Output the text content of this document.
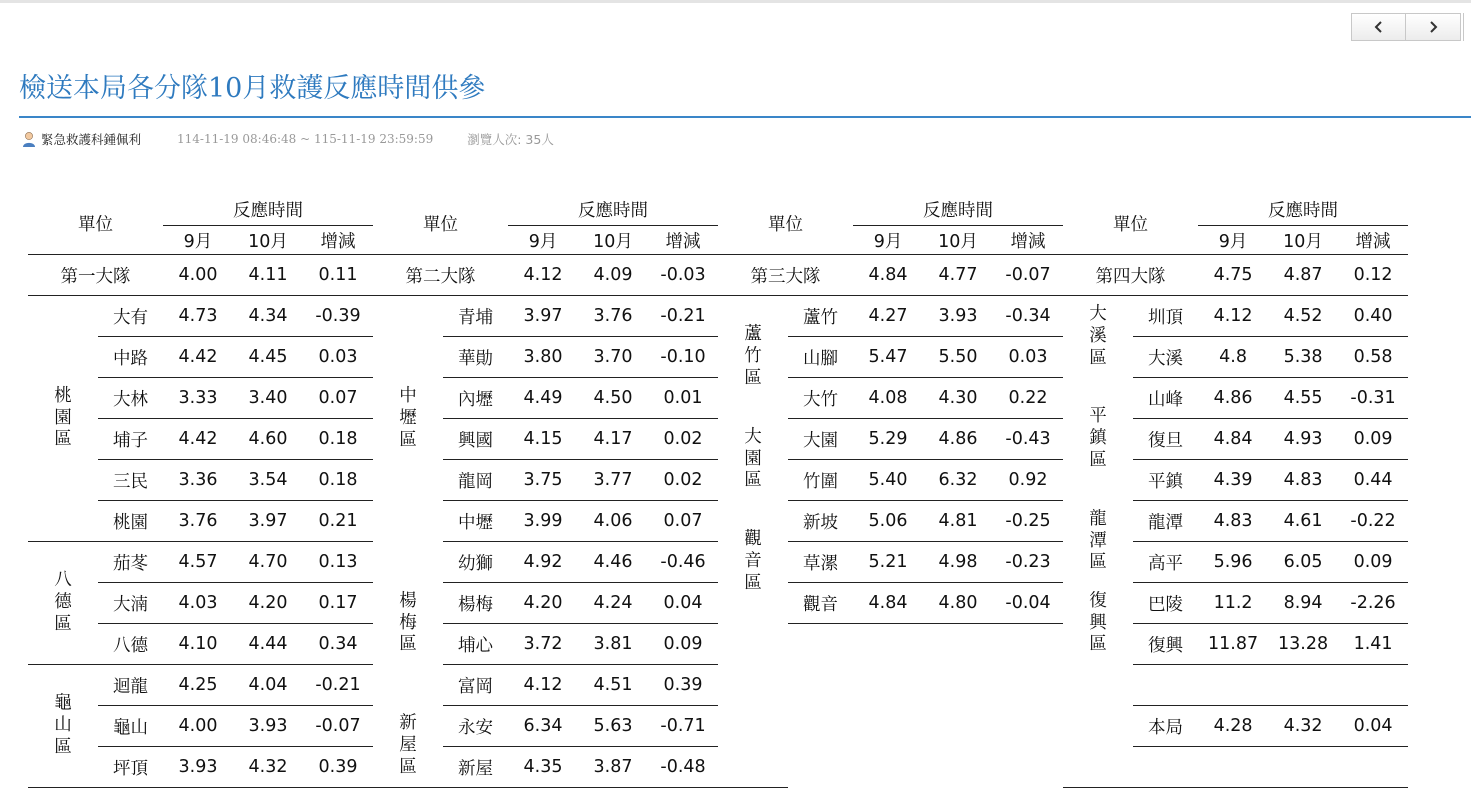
檢送本局各分隊10月救護反應時間供參
緊急救護科鍾佩利	114-11-19 08:46:48 ~ 115-11-19 23:59:59	瀏覽人次: 35人
單位		反應時間			單位		反應時間			單位		反應時間			單位		反應時間		
		9月	10月	增減			9月	10月	增減			9月	10月	增減			9月	10月	增減
第一大隊		4.00	4.11	0.11	第二大隊		4.12	4.09	-0.03	第三大隊		4.84	4.77	-0.07	第四大隊		4.75	4.87	0.12
桃園區	大有	4.73	4.34	-0.39	中壢區	青埔	3.97	3.76	-0.21	蘆竹區	蘆竹	4.27	3.93	-0.34	大溪區	圳頂	4.12	4.52	0.40
	中路	4.42	4.45	0.03		華勛	3.80	3.70	-0.10		山腳	5.47	5.50	0.03		大溪	4.8	5.38	0.58
	大林	3.33	3.40	0.07		內壢	4.49	4.50	0.01		大竹	4.08	4.30	0.22	平鎮區	山峰	4.86	4.55	-0.31
	埔子	4.42	4.60	0.18		興國	4.15	4.17	0.02	大園區	大園	5.29	4.86	-0.43		復旦	4.84	4.93	0.09
	三民	3.36	3.54	0.18		龍岡	3.75	3.77	0.02		竹圍	5.40	6.32	0.92		平鎮	4.39	4.83	0.44
	桃園	3.76	3.97	0.21		中壢	3.99	4.06	0.07	觀音區	新坡	5.06	4.81	-0.25	龍潭區	龍潭	4.83	4.61	-0.22
八德區	茄苳	4.57	4.70	0.13	楊梅區	幼獅	4.92	4.46	-0.46		草漯	5.21	4.98	-0.23		高平	5.96	6.05	0.09
	大湳	4.03	4.20	0.17		楊梅	4.20	4.24	0.04		觀音	4.84	4.80	-0.04	復興區	巴陵	11.2	8.94	-2.26
	八德	4.10	4.44	0.34		埔心	3.72	3.81	0.09							復興	11.87	13.28	1.41
龜山區	迴龍	4.25	4.04	-0.21		富岡	4.12	4.51	0.39										
	龜山	4.00	3.93	-0.07	新屋區	永安	6.34	5.63	-0.71							本局	4.28	4.32	0.04
	坪頂	3.93	4.32	0.39		新屋	4.35	3.87	-0.48										
